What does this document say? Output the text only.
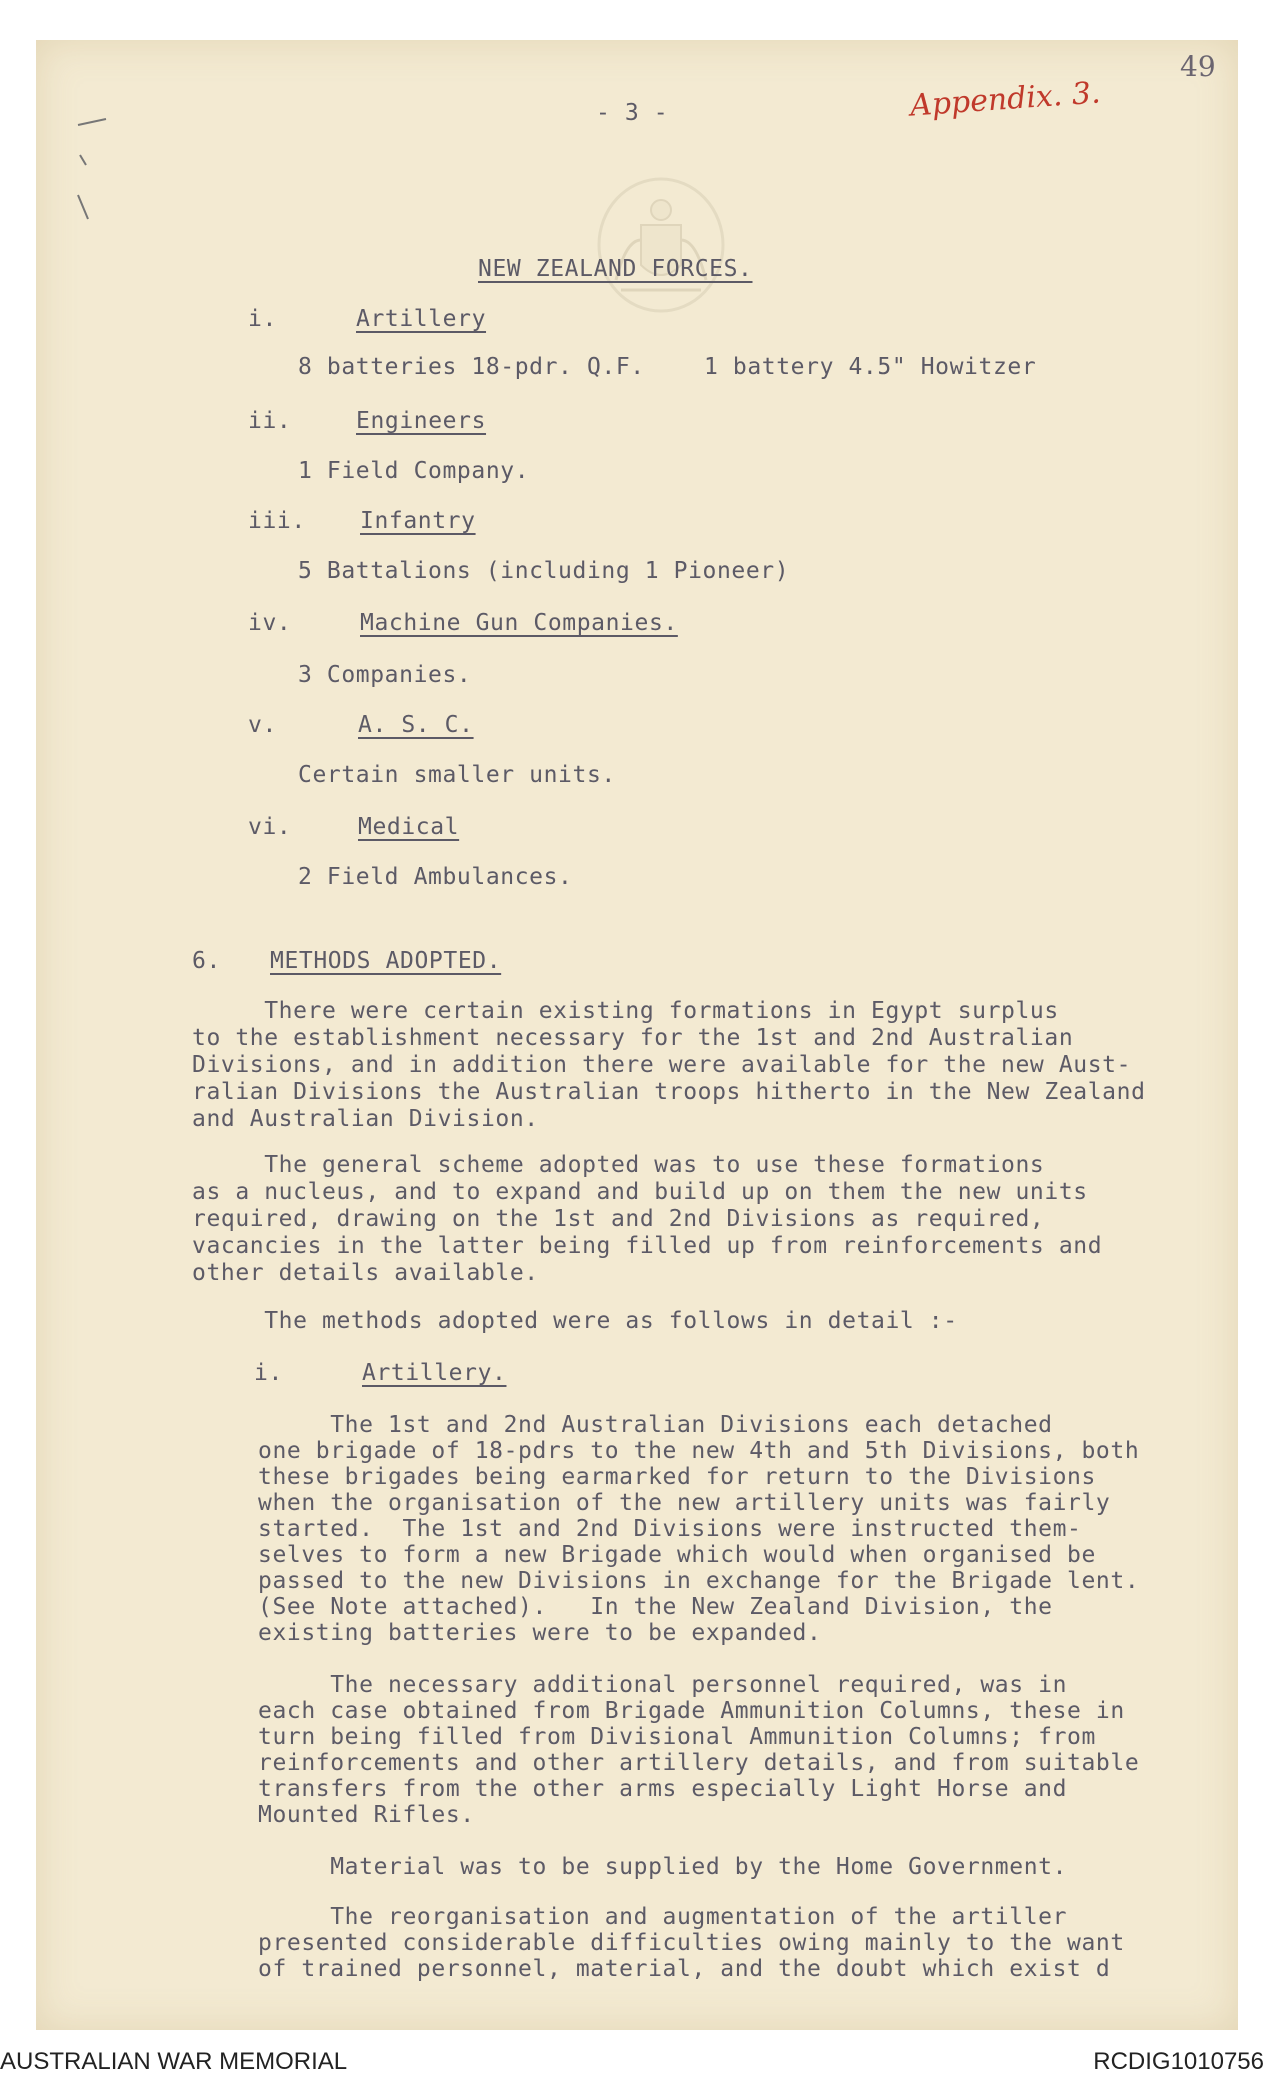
49
Appendix. 3.
- 3 -
NEW ZEALAND FORCES.
i.	Artillery
8 batteries 18-pdr. Q.F.	1 battery 4.5" Howitzer
ii.	Engineers
1 Field Company.
iii. Infantry
5 Battalions (including 1 Pioneer)
iv.	Machine Gun Companies.
3 Companies.
v.	A. S. C.
Certain smaller units.
vi.	Medical
2 Field Ambulances.
6. METHODS ADOPTED.
There were certain existing formations in Egypt surplus
to the establishment necessary for the 1st and 2nd Australian
Divisions, and in addition there were available for the new Aust-
ralian Divisions the Australian troops hitherto in the New Zealand
and Australian Division.
The general scheme adopted was to use these formations
as a nucleus, and to expand and build up on them the new units
required, drawing on the 1st and 2nd Divisions as required,
vacancies in the latter being filled up from reinforcements and
other details available.
The methods adopted were as follows in detail :-
i.	Artillery.
The 1st and 2nd Australian Divisions each detached
one brigade of 18-pdrs to the new 4th and 5th Divisions, both
these brigades being earmarked for return to the Divisions
when the organisation of the new artillery units was fairly
started.  The 1st and 2nd Divisions were instructed them-
selves to form a new Brigade which would when organised be
passed to the new Divisions in exchange for the Brigade lent.
(See Note attached).   In the New Zealand Division, the
existing batteries were to be expanded.
The necessary additional personnel required, was in
each case obtained from Brigade Ammunition Columns, these in
turn being filled from Divisional Ammunition Columns; from
reinforcements and other artillery details, and from suitable
transfers from the other arms especially Light Horse and
Mounted Rifles.
Material was to be supplied by the Home Government.
The reorganisation and augmentation of the artiller
presented considerable difficulties owing mainly to the want
of trained personnel, material, and the doubt which exist d
AUSTRALIAN WAR MEMORIAL	RCDIG1010756
